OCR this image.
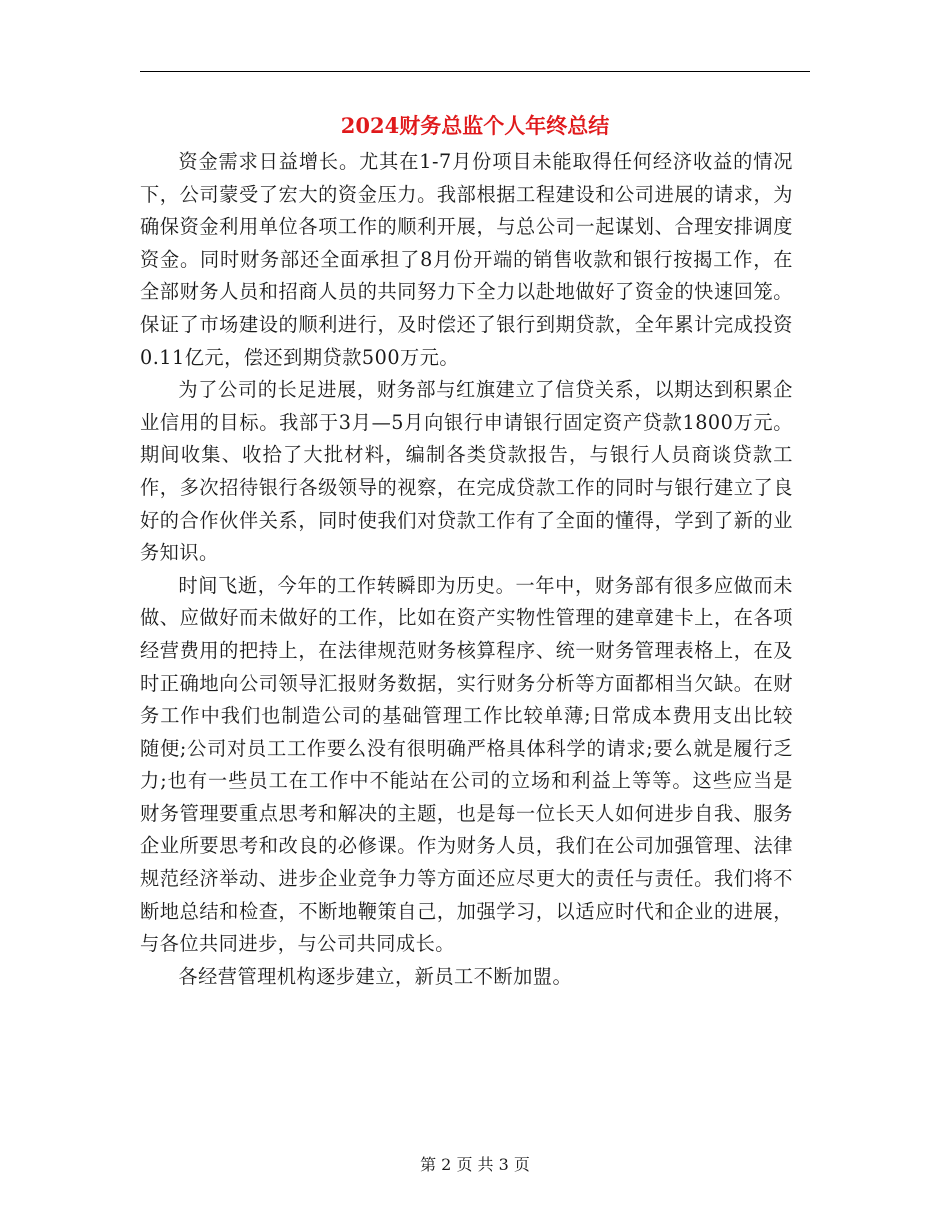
2024财务总监个人年终总结

资金需求日益增长。尤其在1-7月份项目未能取得任何经济收益的情况下，公司蒙受了宏大的资金压力。我部根据工程建设和公司进展的请求，为确保资金利用单位各项工作的顺利开展，与总公司一起谋划、合理安排调度资金。同时财务部还全面承担了8月份开端的销售收款和银行按揭工作，在全部财务人员和招商人员的共同努力下全力以赴地做好了资金的快速回笼。保证了市场建设的顺利进行，及时偿还了银行到期贷款，全年累计完成投资0.11亿元，偿还到期贷款500万元。

为了公司的长足进展，财务部与红旗建立了信贷关系，以期达到积累企业信用的目标。我部于3月—5月向银行申请银行固定资产贷款1800万元。期间收集、收拾了大批材料，编制各类贷款报告，与银行人员商谈贷款工作，多次招待银行各级领导的视察，在完成贷款工作的同时与银行建立了良好的合作伙伴关系，同时使我们对贷款工作有了全面的懂得，学到了新的业务知识。

时间飞逝，今年的工作转瞬即为历史。一年中，财务部有很多应做而未做、应做好而未做好的工作，比如在资产实物性管理的建章建卡上，在各项经营费用的把持上，在法律规范财务核算程序、统一财务管理表格上，在及时正确地向公司领导汇报财务数据，实行财务分析等方面都相当欠缺。在财务工作中我们也制造公司的基础管理工作比较单薄;日常成本费用支出比较随便;公司对员工工作要么没有很明确严格具体科学的请求;要么就是履行乏力;也有一些员工在工作中不能站在公司的立场和利益上等等。这些应当是财务管理要重点思考和解决的主题，也是每一位长天人如何进步自我、服务企业所要思考和改良的必修课。作为财务人员，我们在公司加强管理、法律规范经济举动、进步企业竞争力等方面还应尽更大的责任与责任。我们将不断地总结和检查，不断地鞭策自己，加强学习，以适应时代和企业的进展，与各位共同进步，与公司共同成长。

各经营管理机构逐步建立，新员工不断加盟。

第 2 页 共 3 页
